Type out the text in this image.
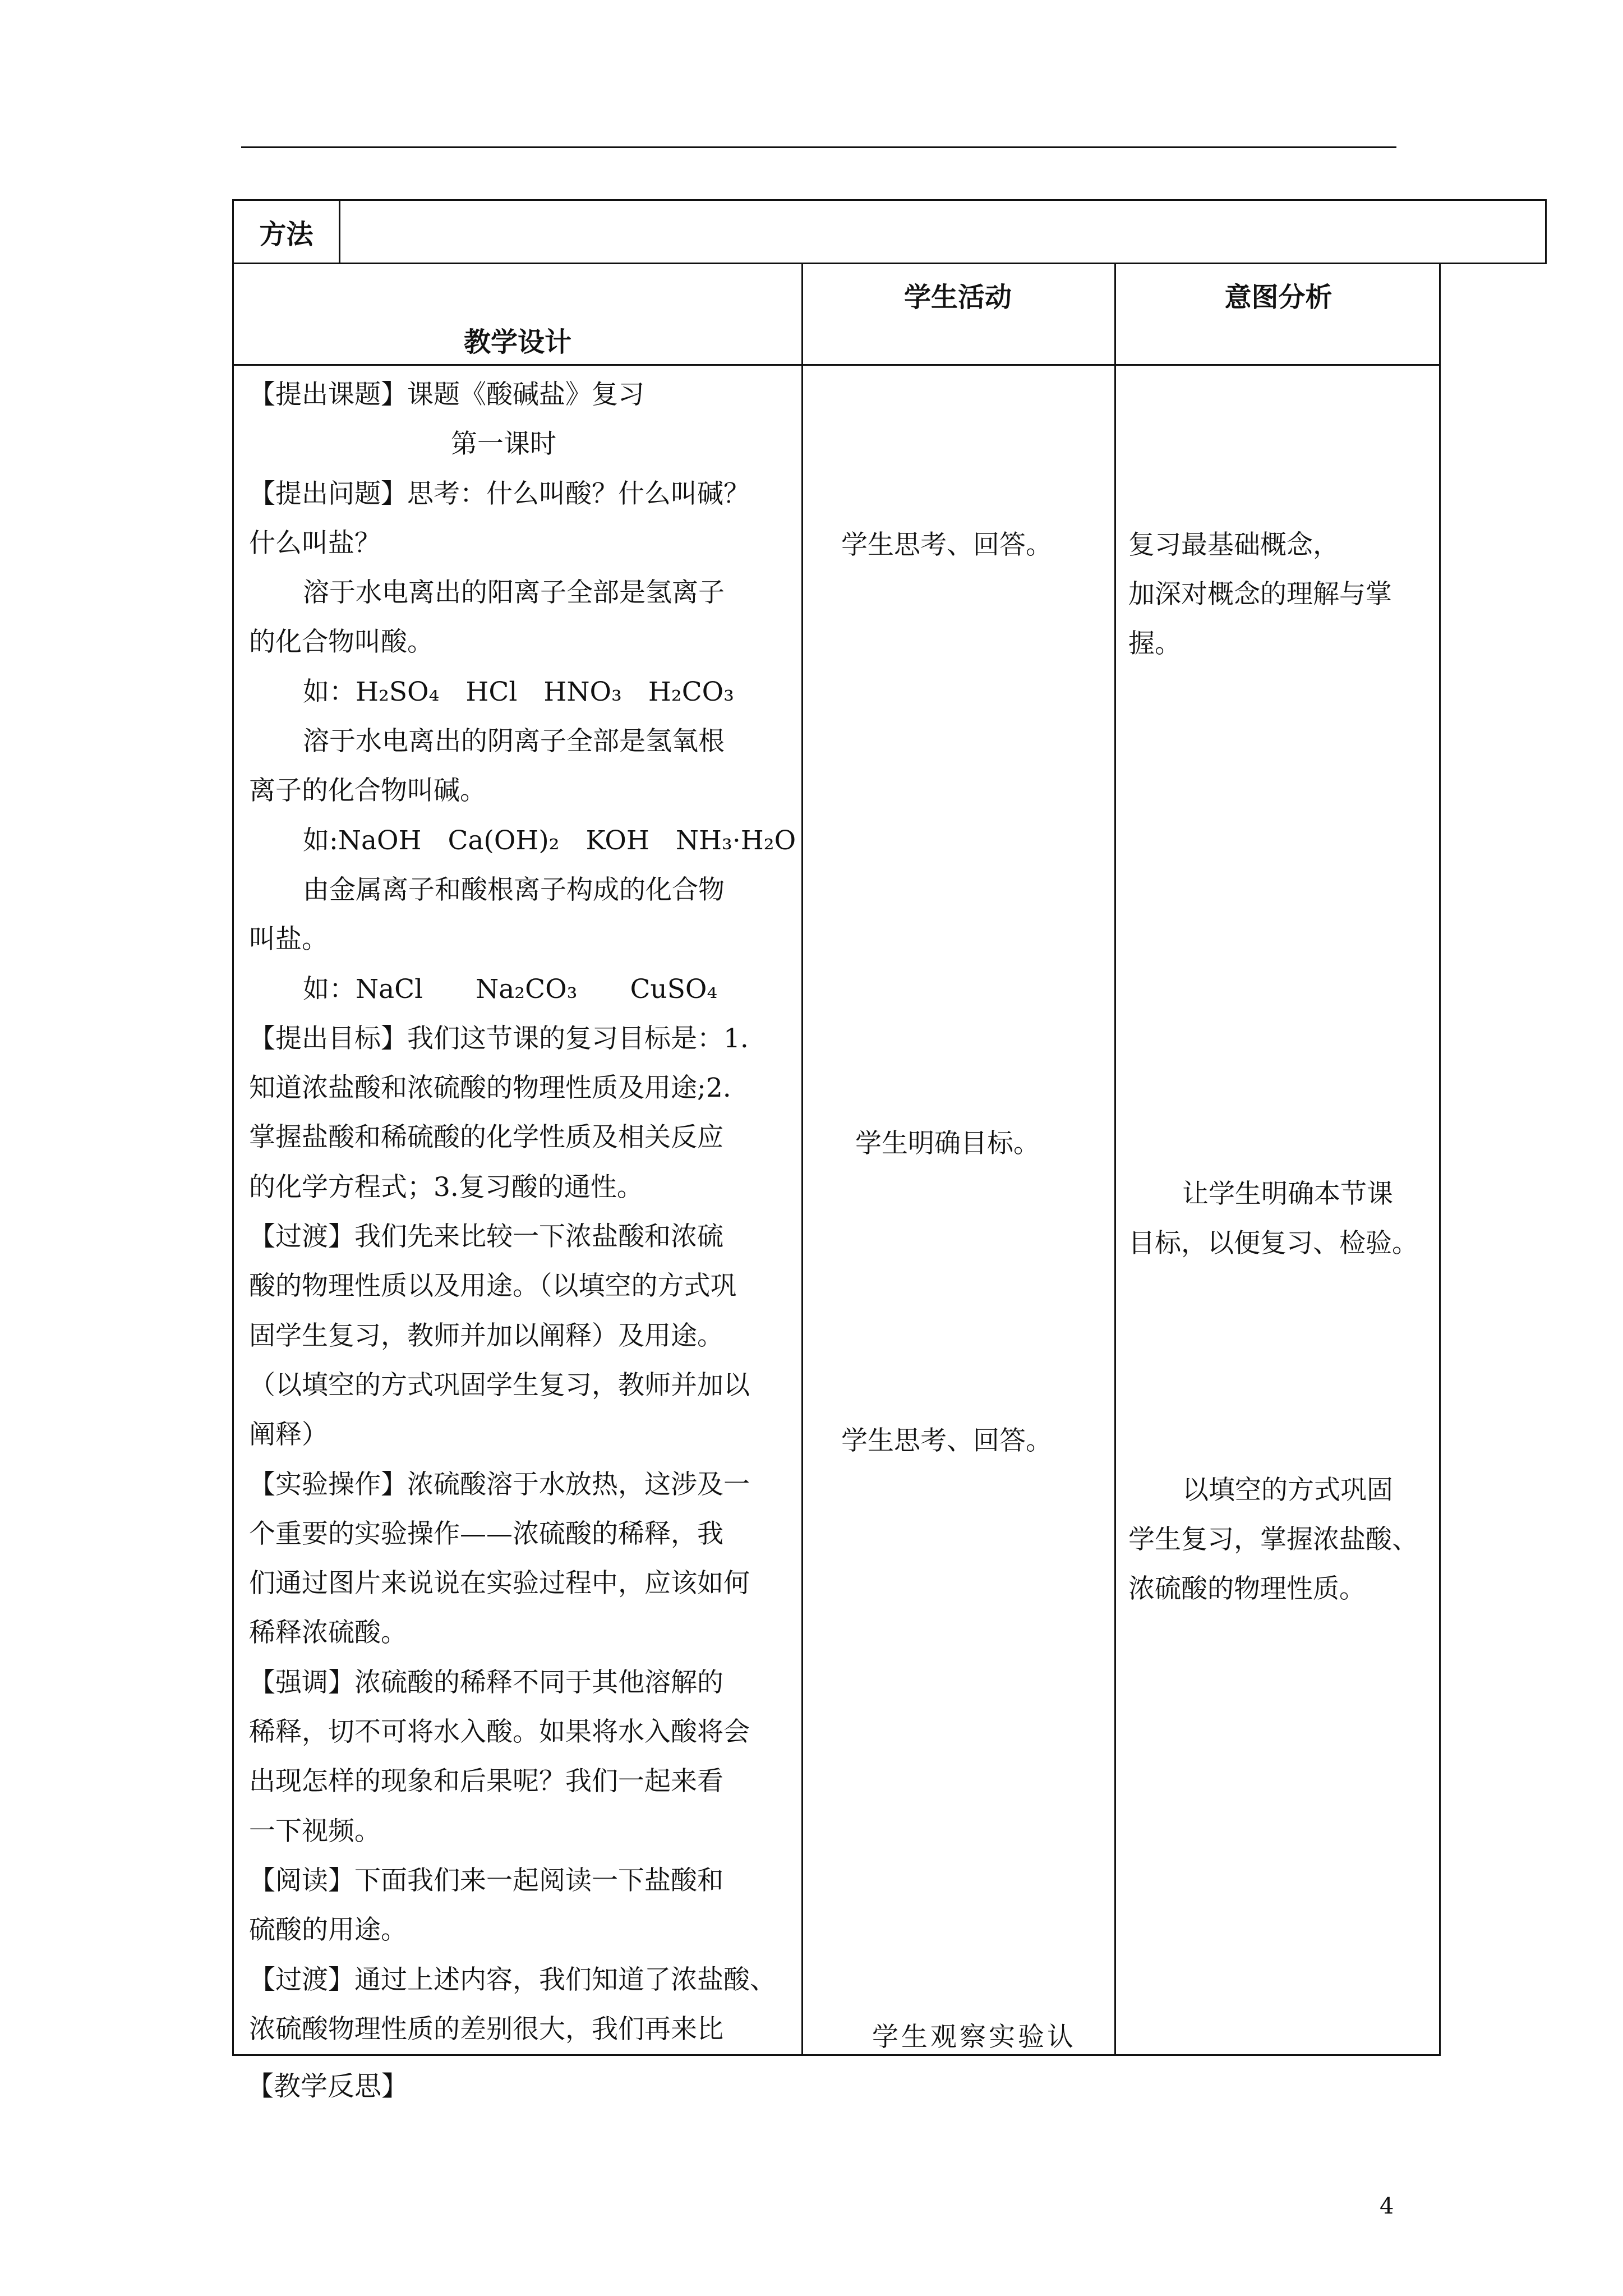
方法
教学设计
学生活动	意图分析
【提出课题】课题《酸碱盐》复习
第一课时
【提出问题】思考：什么叫酸？什么叫碱？
什么叫盐？
溶于水电离出的阳离子全部是氢离子
的化合物叫酸。
如：H₂SO₄　HCl　HNO₃　H₂CO₃
溶于水电离出的阴离子全部是氢氧根
离子的化合物叫碱。
如:NaOH　Ca(OH)₂　KOH　NH₃·H₂O
由金属离子和酸根离子构成的化合物
叫盐。
如：NaCl　　Na₂CO₃　　CuSO₄
【提出目标】我们这节课的复习目标是：1.
知道浓盐酸和浓硫酸的物理性质及用途;2.
掌握盐酸和稀硫酸的化学性质及相关反应
的化学方程式；3.复习酸的通性。
【过渡】我们先来比较一下浓盐酸和浓硫
酸的物理性质以及用途。（以填空的方式巩
固学生复习，教师并加以阐释）及用途。
（以填空的方式巩固学生复习，教师并加以
阐释）
【实验操作】浓硫酸溶于水放热，这涉及一
个重要的实验操作——浓硫酸的稀释，我
们通过图片来说说在实验过程中，应该如何
稀释浓硫酸。
【强调】浓硫酸的稀释不同于其他溶解的
稀释，切不可将水入酸。如果将水入酸将会
出现怎样的现象和后果呢？我们一起来看
一下视频。
【阅读】下面我们来一起阅读一下盐酸和
硫酸的用途。
【过渡】通过上述内容，我们知道了浓盐酸、
浓硫酸物理性质的差别很大，我们再来比
学生思考、回答。
学生明确目标。
学生思考、回答。
学生观察实验认
复习最基础概念，
加深对概念的理解与掌
握。
让学生明确本节课
目标，以便复习、检验。
以填空的方式巩固
学生复习，掌握浓盐酸、
浓硫酸的物理性质。
【教学反思】
4
